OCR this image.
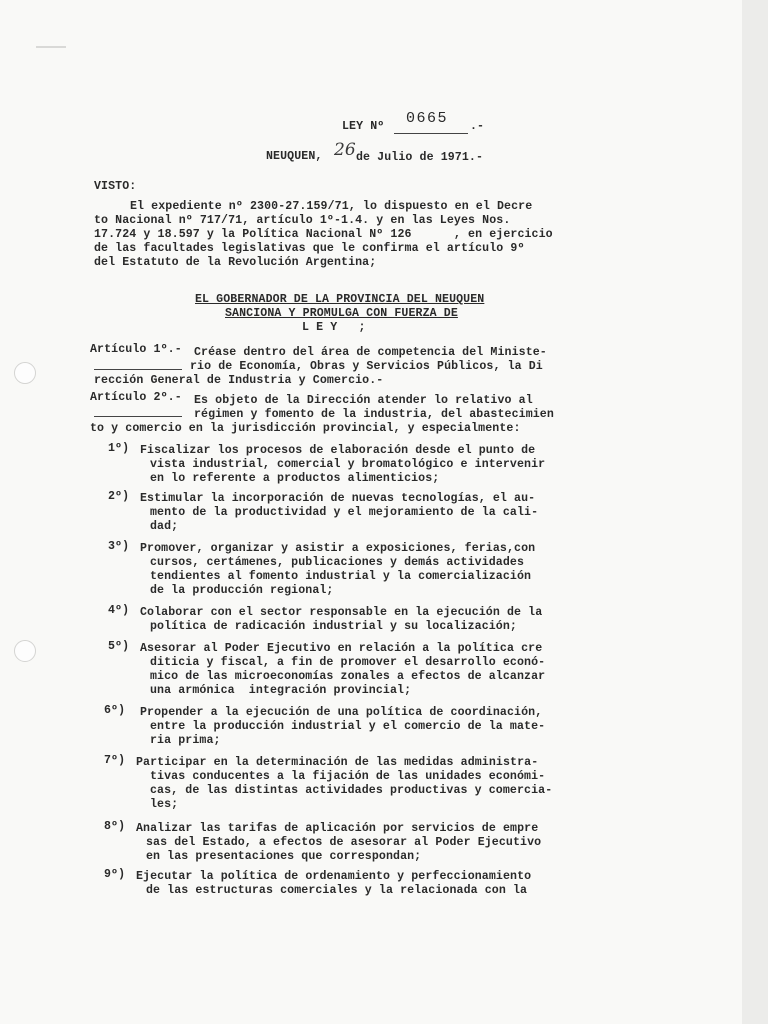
LEY Nº 0665 .-
NEUQUEN, 26 de Julio de 1971.-
VISTO:
El expediente nº 2300-27.159/71, lo dispuesto en el Decre
to Nacional nº 717/71, artículo 1º-1.4. y en las Leyes Nos.
17.724 y 18.597 y la Política Nacional Nº 126      , en ejercicio
de las facultades legislativas que le confirma el artículo 9º
del Estatuto de la Revolución Argentina;
EL GOBERNADOR DE LA PROVINCIA DEL NEUQUEN
SANCIONA Y PROMULGA CON FUERZA DE
L E Y   ;
Artículo 1º.- Créase dentro del área de competencia del Ministe-
rio de Economía, Obras y Servicios Públicos, la Di
rección General de Industria y Comercio.-
Artículo 2º.- Es objeto de la Dirección atender lo relativo al
régimen y fomento de la industria, del abastecimien
to y comercio en la jurisdicción provincial, y especialmente:
1º) Fiscalizar los procesos de elaboración desde el punto de
vista industrial, comercial y bromatológico e intervenir
en lo referente a productos alimenticios;
2º) Estimular la incorporación de nuevas tecnologías, el au-
mento de la productividad y el mejoramiento de la cali-
dad;
3º) Promover, organizar y asistir a exposiciones, ferias,con
cursos, certámenes, publicaciones y demás actividades
tendientes al fomento industrial y la comercialización
de la producción regional;
4º) Colaborar con el sector responsable en la ejecución de la
política de radicación industrial y su localización;
5º) Asesorar al Poder Ejecutivo en relación a la política cre
diticia y fiscal, a fin de promover el desarrollo econó-
mico de las microeconomías zonales a efectos de alcanzar
una armónica  integración provincial;
6º) Propender a la ejecución de una política de coordinación,
entre la producción industrial y el comercio de la mate-
ria prima;
7º) Participar en la determinación de las medidas administra-
tivas conducentes a la fijación de las unidades económi-
cas, de las distintas actividades productivas y comercia-
les;
8º) Analizar las tarifas de aplicación por servicios de empre
sas del Estado, a efectos de asesorar al Poder Ejecutivo
en las presentaciones que correspondan;
9º) Ejecutar la política de ordenamiento y perfeccionamiento
de las estructuras comerciales y la relacionada con la
